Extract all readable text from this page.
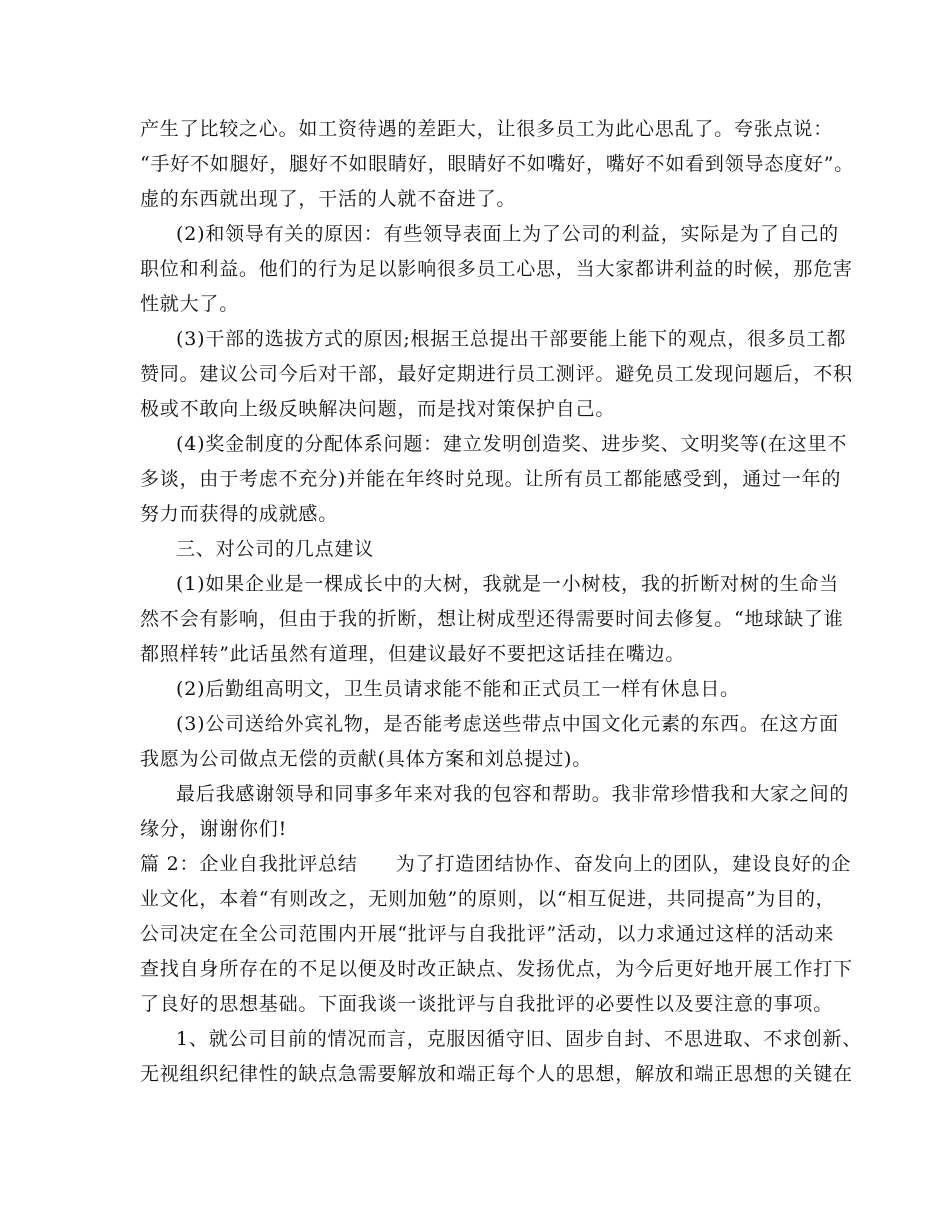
产生了比较之心。如工资待遇的差距大，让很多员工为此心思乱了。夸张点说：
“手好不如腿好，腿好不如眼睛好，眼睛好不如嘴好，嘴好不如看到领导态度好”。
虚的东西就出现了，干活的人就不奋进了。
(2)和领导有关的原因：有些领导表面上为了公司的利益，实际是为了自己的
职位和利益。他们的行为足以影响很多员工心思，当大家都讲利益的时候，那危害
性就大了。
(3)干部的选拔方式的原因;根据王总提出干部要能上能下的观点，很多员工都
赞同。建议公司今后对干部，最好定期进行员工测评。避免员工发现问题后，不积
极或不敢向上级反映解决问题，而是找对策保护自己。
(4)奖金制度的分配体系问题：建立发明创造奖、进步奖、文明奖等(在这里不
多谈，由于考虑不充分)并能在年终时兑现。让所有员工都能感受到，通过一年的
努力而获得的成就感。
三、对公司的几点建议
(1)如果企业是一棵成长中的大树，我就是一小树枝，我的折断对树的生命当
然不会有影响，但由于我的折断，想让树成型还得需要时间去修复。“地球缺了谁
都照样转”此话虽然有道理，但建议最好不要把这话挂在嘴边。
(2)后勤组高明文，卫生员请求能不能和正式员工一样有休息日。
(3)公司送给外宾礼物，是否能考虑送些带点中国文化元素的东西。在这方面
我愿为公司做点无偿的贡献(具体方案和刘总提过)。
最后我感谢领导和同事多年来对我的包容和帮助。我非常珍惜我和大家之间的
缘分，谢谢你们!
篇 2：企业自我批评总结 为了打造团结协作、奋发向上的团队，建设良好的企
业文化，本着“有则改之，无则加勉”的原则，以“相互促进，共同提高”为目的，
公司决定在全公司范围内开展“批评与自我批评”活动，以力求通过这样的活动来
查找自身所存在的不足以便及时改正缺点、发扬优点，为今后更好地开展工作打下
了良好的思想基础。下面我谈一谈批评与自我批评的必要性以及要注意的事项。
1、就公司目前的情况而言，克服因循守旧、固步自封、不思进取、不求创新、
无视组织纪律性的缺点急需要解放和端正每个人的思想，解放和端正思想的关键在
